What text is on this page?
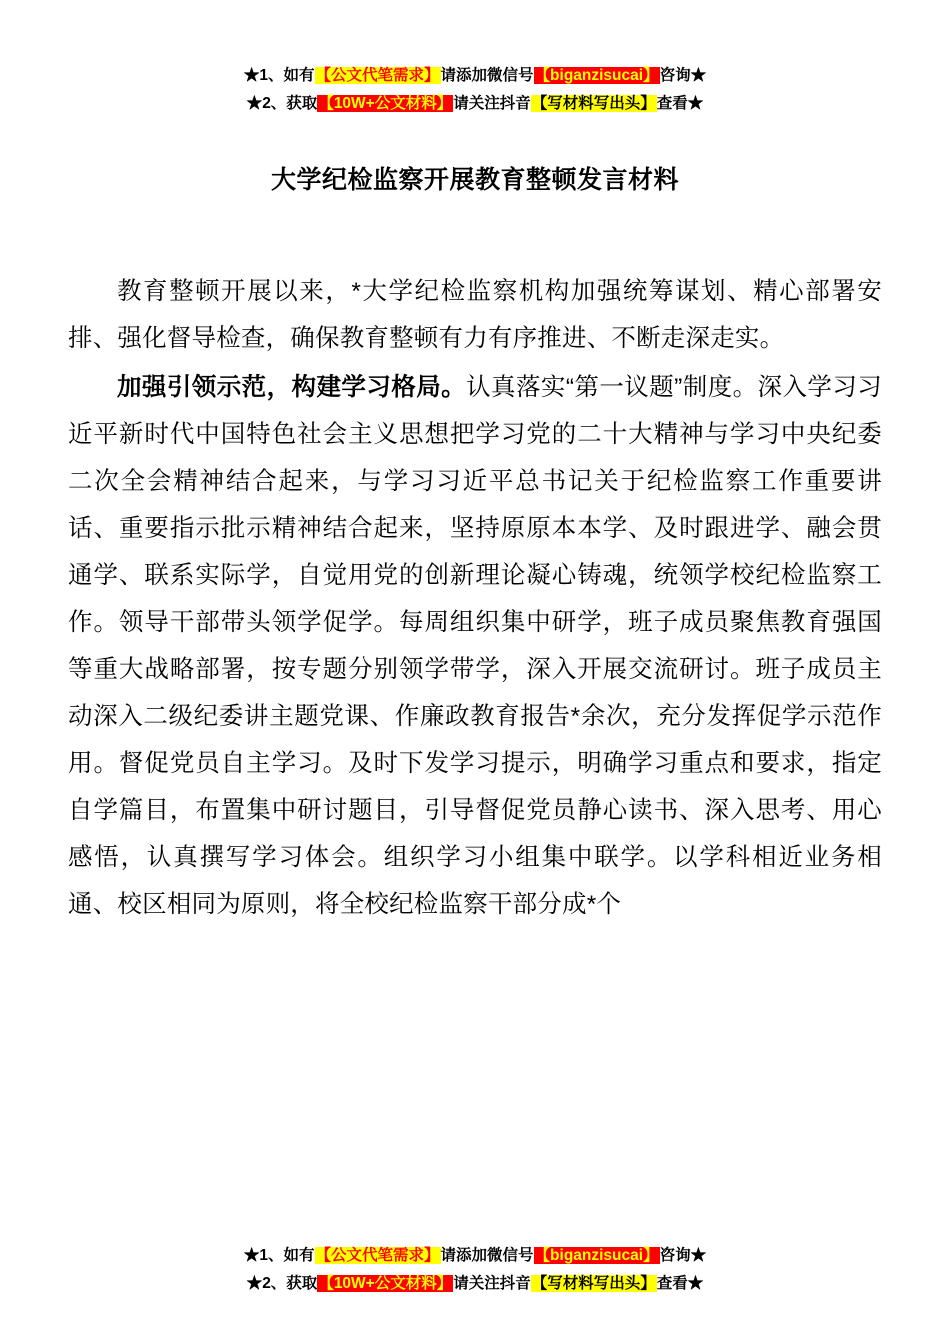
★1、如有【公文代笔需求】请添加微信号【biganzisucai】咨询★
★2、获取【10W+公文材料】请关注抖音【写材料写出头】查看★
大学纪检监察开展教育整顿发言材料

教育整顿开展以来，*大学纪检监察机构加强统筹谋划、精心部署安排、强化督导检查，确保教育整顿有力有序推进、不断走深走实。

加强引领示范，构建学习格局。认真落实“第一议题”制度。深入学习习近平新时代中国特色社会主义思想把学习党的二十大精神与学习中央纪委二次全会精神结合起来，与学习习近平总书记关于纪检监察工作重要讲话、重要指示批示精神结合起来，坚持原原本本学、及时跟进学、融会贯通学、联系实际学，自觉用党的创新理论凝心铸魂，统领学校纪检监察工作。领导干部带头领学促学。每周组织集中研学，班子成员聚焦教育强国等重大战略部署，按专题分别领学带学，深入开展交流研讨。班子成员主动深入二级纪委讲主题党课、作廉政教育报告*余次，充分发挥促学示范作用。督促党员自主学习。及时下发学习提示，明确学习重点和要求，指定自学篇目，布置集中研讨题目，引导督促党员静心读书、深入思考、用心感悟，认真撰写学习体会。组织学习小组集中联学。以学科相近业务相通、校区相同为原则，将全校纪检监察干部分成*个

★1、如有【公文代笔需求】请添加微信号【biganzisucai】咨询★
★2、获取【10W+公文材料】请关注抖音【写材料写出头】查看★
